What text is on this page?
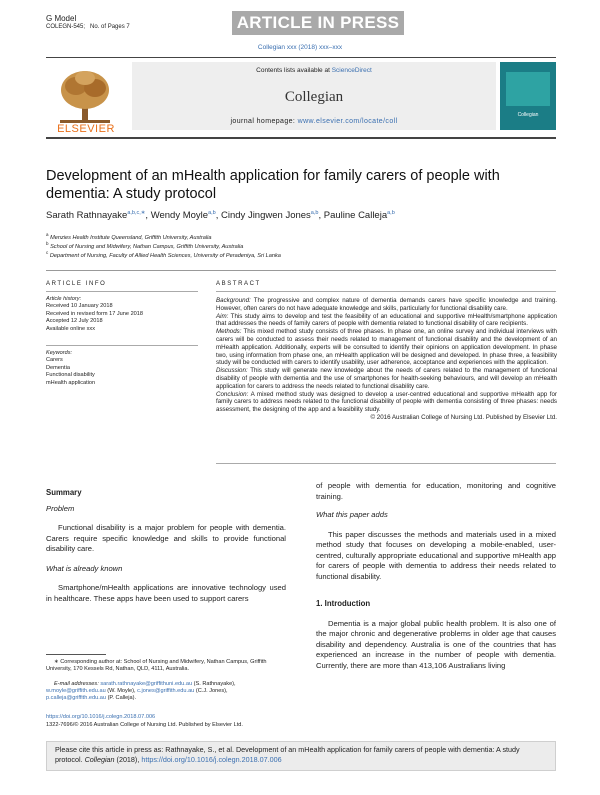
G Model
COLEGN-545; No. of Pages 7	ARTICLE IN PRESS
Collegian xxx (2018) xxx–xxx
ELSEVIER
Contents lists available at ScienceDirect
Collegian
journal homepage: www.elsevier.com/locate/coll
Collegian
Development of an mHealth application for family carers of people with dementia: A study protocol
Sarath Rathnayake$^{a,b,c,∗}$, Wendy Moyle$^{a,b}$, Cindy Jingwen Jones$^{a,b}$, Pauline Calleja$^{a,b}$
$^a$ Menzies Health Institute Queensland, Griffith University, Australia
$^b$ School of Nursing and Midwifery, Nathan Campus, Griffith University, Australia
$^c$ Department of Nursing, Faculty of Allied Health Sciences, University of Peradeniya, Sri Lanka
ARTICLE INFO
Article history:
Received 10 January 2018
Received in revised form 17 June 2018
Accepted 12 July 2018
Available online xxx
Keywords:
Carers
Dementia
Functional disability
mHealth application
ABSTRACT

Background: The progressive and complex nature of dementia demands carers have specific knowledge and training. However, often carers do not have adequate knowledge and skills, particularly for functional disability care.

Aim: This study aims to develop and test the feasibility of an educational and supportive mHealth/smartphone application that addresses the needs of family carers of people with dementia related to functional disability of care recipients.

Methods: This mixed method study consists of three phases. In phase one, an online survey and individual interviews with carers will be conducted to assess their needs related to management of functional disability and the development of an mHealth application. Additionally, experts will be consulted to identify their opinions on application development. In phase two, using information from phase one, an mHealth application will be designed and developed. In phase three, a feasibility study will be conducted with carers to identify usability, user adherence, acceptance and experiences with the application.

Discussion: This study will generate new knowledge about the needs of carers related to the management of functional disability of people with dementia and the use of smartphones for health-seeking behaviours, and will develop an mHealth application for carers to address the needs related to functional disability care.

Conclusion: A mixed method study was designed to develop a user-centred educational and supportive mHealth app for family carers to address needs related to the functional disability of people with dementia consisting of three phases: needs assessment, the designing of the app and a feasibility study.

© 2016 Australian College of Nursing Ltd. Published by Elsevier Ltd.

Summary
Problem

Functional disability is a major problem for people with dementia. Carers require specific knowledge and skills to provide functional disability care.

What is already known

Smartphone/mHealth applications are innovative technology used in healthcare. These apps have been used to support carers

∗ Corresponding author at: School of Nursing and Midwifery, Nathan Campus, Griffith University, 170 Kessels Rd, Nathan, QLD, 4111, Australia.
E-mail addresses: sarath.rathnayake@griffithuni.edu.au (S. Rathnayake), w.moyle@griffith.edu.au (W. Moyle), c.jones@griffith.edu.au (C.J. Jones), p.calleja@griffith.edu.au (P. Calleja).
https://doi.org/10.1016/j.colegn.2018.07.006
1322-7696/© 2016 Australian College of Nursing Ltd. Published by Elsevier Ltd.

of people with dementia for education, monitoring and cognitive training.

What this paper adds

This paper discusses the methods and materials used in a mixed method study that focuses on developing a mobile-enabled, user-centred, culturally appropriate educational and supportive mHealth app for carers of people with dementia to address their needs related to functional disability.

1. Introduction

Dementia is a major global public health problem. It is also one of the major chronic and degenerative problems in older age that causes disability and dependency. Australia is one of the countries that has experienced an increase in the number of people with dementia. Currently, there are more than 413,106 Australians living

Please cite this article in press as: Rathnayake, S., et al. Development of an mHealth application for family carers of people with dementia: A study protocol. Collegian (2018), https://doi.org/10.1016/j.colegn.2018.07.006
